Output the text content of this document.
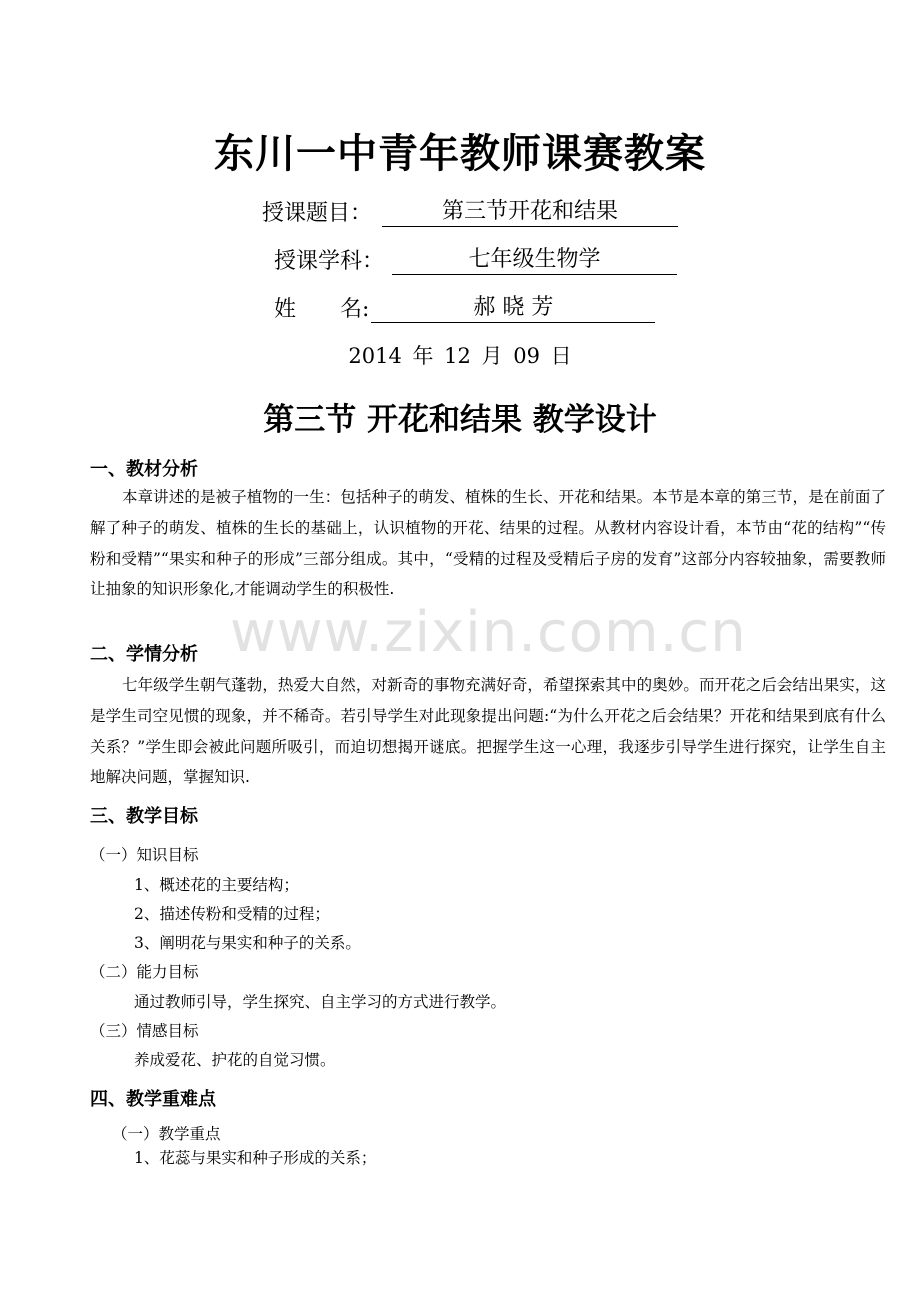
东川一中青年教师课赛教案
授课题目：	第三节开花和结果
授课学科：	七年级生物学
姓　　名:	郝 晓 芳
2014 年 12 月 09 日
第三节 开花和结果 教学设计
www.zixin.com.cn
一、教材分析
本章讲述的是被子植物的一生：包括种子的萌发、植株的生长、开花和结果。本节是本章的第三节，是在前面了解了种子的萌发、植株的生长的基础上，认识植物的开花、结果的过程。从教材内容设计看，本节由“花的结构”“传粉和受精”“果实和种子的形成”三部分组成。其中，“受精的过程及受精后子房的发育”这部分内容较抽象，需要教师让抽象的知识形象化,才能调动学生的积极性.
二、学情分析
七年级学生朝气蓬勃，热爱大自然，对新奇的事物充满好奇，希望探索其中的奥妙。而开花之后会结出果实，这是学生司空见惯的现象，并不稀奇。若引导学生对此现象提出问题:“为什么开花之后会结果？开花和结果到底有什么关系？”学生即会被此问题所吸引，而迫切想揭开谜底。把握学生这一心理，我逐步引导学生进行探究，让学生自主地解决问题，掌握知识.
三、教学目标
（一）知识目标
1、概述花的主要结构；
2、描述传粉和受精的过程；
3、阐明花与果实和种子的关系。
（二）能力目标
通过教师引导，学生探究、自主学习的方式进行教学。
（三）情感目标
养成爱花、护花的自觉习惯。
四、教学重难点
（一）教学重点
1、花蕊与果实和种子形成的关系；
